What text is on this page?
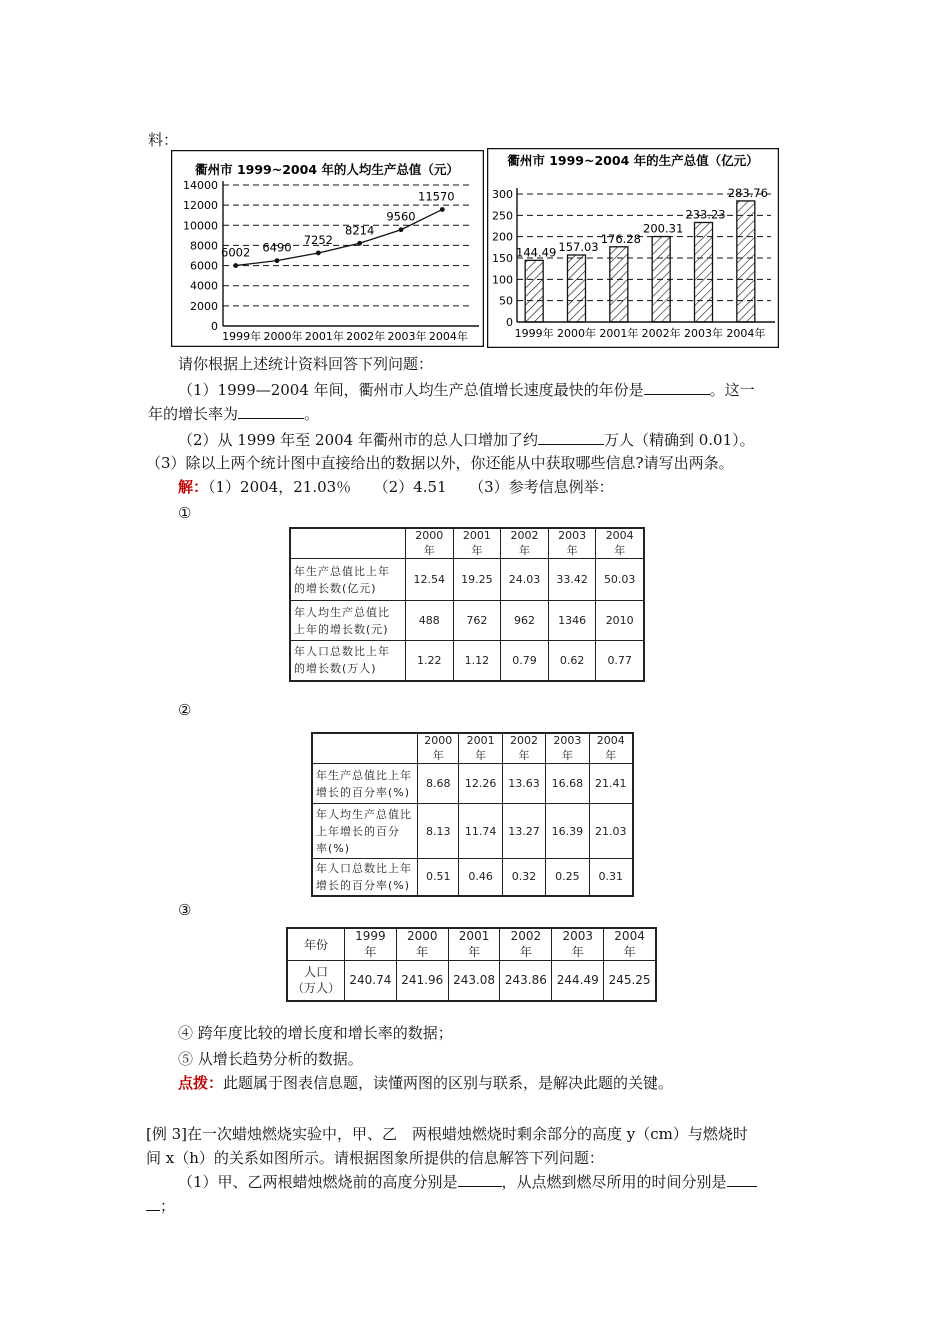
料：
衢州市 1999~2004 年的人均生产总值（元）
0
2000
4000
6000
8000
10000
12000
14000
1999年 2000年 2001年 2002年 2003年 2004年
6002 6490
7252
8214
9560
11570
衢州市 1999~2004 年的生产总值（亿元）
0
50
100
150
200
250
300
1999年 2000年 2001年 2002年 2003年 2004年
144.49 157.03
176.28
200.31
233.23
283.76
请你根据上述统计资料回答下列问题：
（1）1999—2004 年间，衢州市人均生产总值增长速度最快的年份是	。这一
年的增长率为	。
（2）从 1999 年至 2004 年衢州市的总人口增加了约	万人（精确到 0.01）。
（3）除以上两个统计图中直接给出的数据以外，你还能从中获取哪些信息?请写出两条。
解：（1）2004，21.03％　　（2）4.51　　（3）参考信息例举：
①
	2000 年	2001 年	2002 年	2003 年	2004 年
年生产总值比上年
的增长数(亿元)	12.54	19.25	24.03	33.42	50.03
年人均生产总值比
上年的增长数(元)	488	762	962	1346	2010
年人口总数比上年
的增长数(万人)	1.22	1.12	0.79	0.62	0.77
②
	2000 年	2001 年	2002 年	2003 年	2004 年
年生产总值比上年
增长的百分率(%)	8.68	12.26	13.63	16.68	21.41
年人均生产总值比
上年增长的百分
率(%)	8.13	11.74	13.27	16.39	21.03
年人口总数比上年
增长的百分率(%)	0.51	0.46	0.32	0.25	0.31
③
年份	1999 年	2000 年	2001 年	2002 年	2003 年	2004 年
人口
（万人）	240.74	241.96	243.08	243.86	244.49	245.25
④ 跨年度比较的增长度和增长率的数据；
⑤ 从增长趋势分析的数据。
点拨：此题属于图表信息题，读懂两图的区别与联系，是解决此题的关键。
[例 3]在一次蜡烛燃烧实验中，甲、乙　两根蜡烛燃烧时剩余部分的高度 y（cm）与燃烧时
间 x（h）的关系如图所示。请根据图象所提供的信息解答下列问题：
（1）甲、乙两根蜡烛燃烧前的高度分别是	，从点燃到燃尽所用的时间分别是
；
